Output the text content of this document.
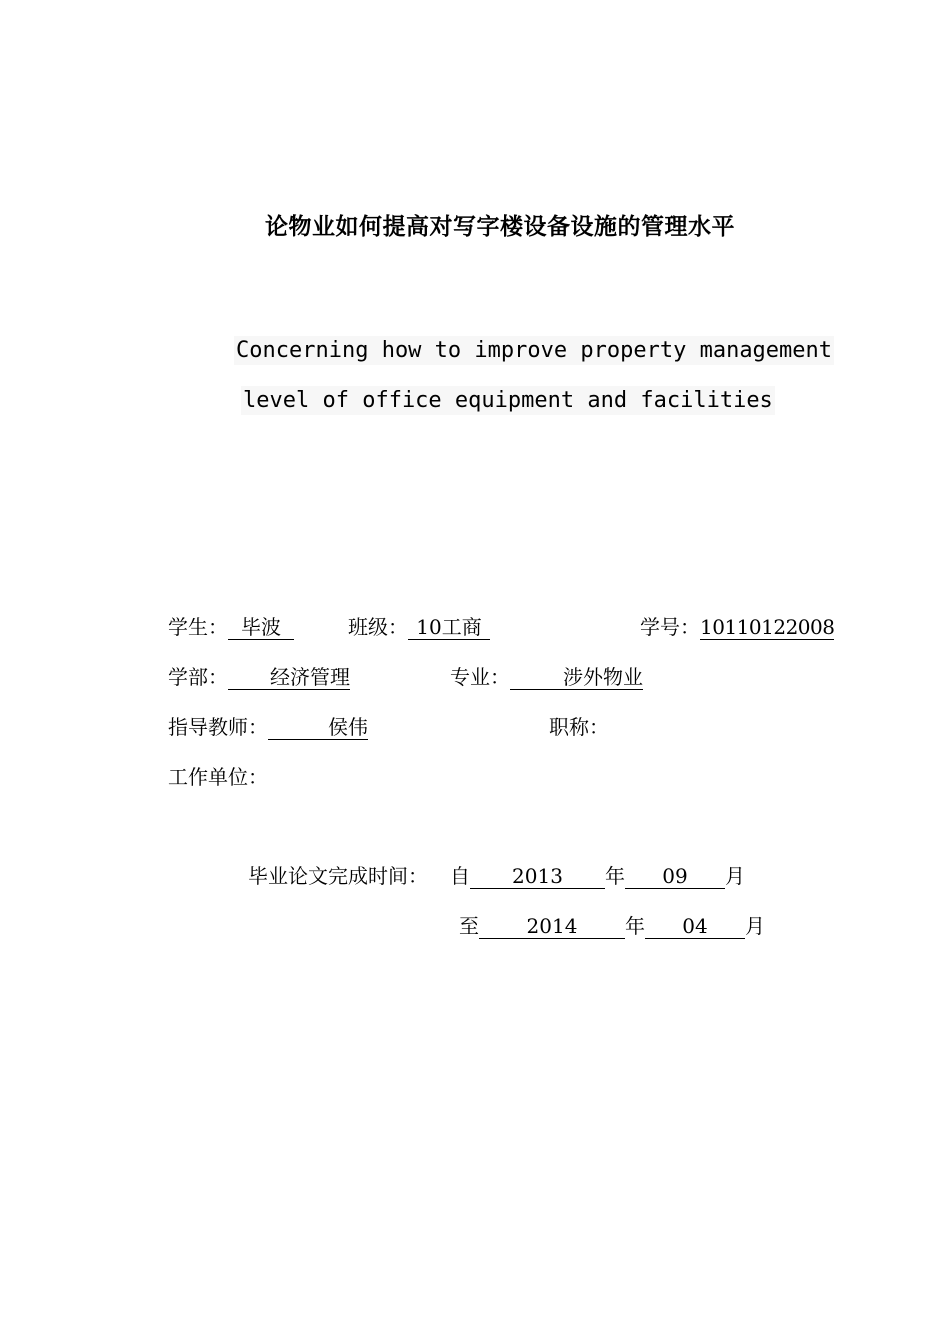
论物业如何提高对写字楼设备设施的管理水平
Concerning how to improve property management
level of office equipment and facilities
学生： 毕波	班级： 10工商	学号：10110122008
学部： 经济管理	专业：	涉外物业
指导教师：	侯伟	职称：
工作单位：
毕业论文完成时间： 自 2013 年 09 月
至 2014 年 04 月
